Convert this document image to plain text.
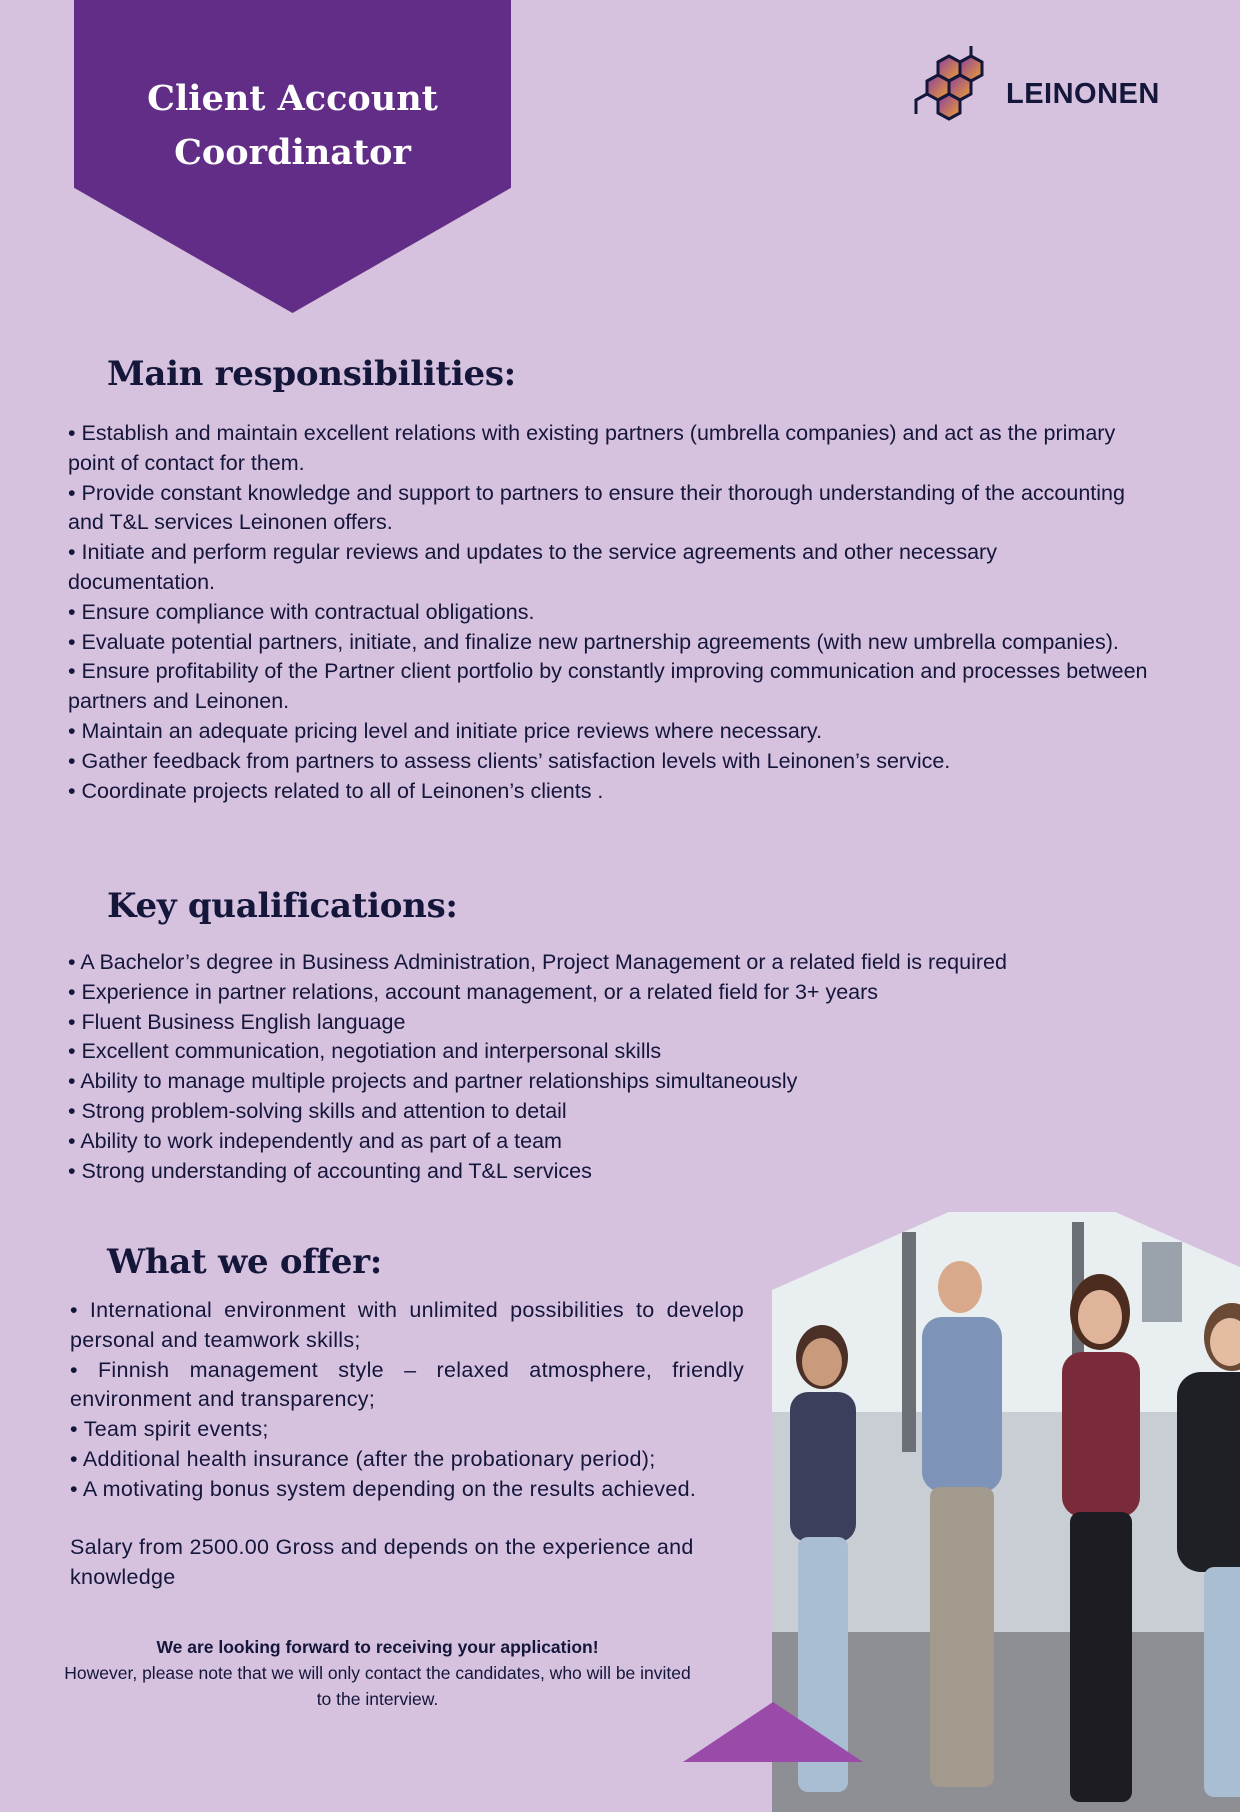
Client Account
Coordinator
LEINONEN
Main responsibilities:
• Establish and maintain excellent relations with existing partners (umbrella companies) and act as the primary point of contact for them.
• Provide constant knowledge and support to partners to ensure their thorough understanding of the accounting and T&L services Leinonen offers.
• Initiate and perform regular reviews and updates to the service agreements and other necessary documentation.
• Ensure compliance with contractual obligations.
• Evaluate potential partners, initiate, and finalize new partnership agreements (with new umbrella companies).
• Ensure profitability of the Partner client portfolio by constantly improving communication and processes between partners and Leinonen.
• Maintain an adequate pricing level and initiate price reviews where necessary.
• Gather feedback from partners to assess clients’ satisfaction levels with Leinonen’s service.
• Coordinate projects related to all of Leinonen’s clients .
Key qualifications:
• A Bachelor’s degree in Business Administration, Project Management or a related field is required
• Experience in partner relations, account management, or a related field for 3+ years
• Fluent Business English language
• Excellent communication, negotiation and interpersonal skills
• Ability to manage multiple projects and partner relationships simultaneously
• Strong problem-solving skills and attention to detail
• Ability to work independently and as part of a team
• Strong understanding of accounting and T&L services
What we offer:
• International environment with unlimited possibilities to develop personal and teamwork skills;
• Finnish management style – relaxed atmosphere, friendly environment and transparency;
• Team spirit events;
• Additional health insurance (after the probationary period);
• A motivating bonus system depending on the results achieved.

Salary from 2500.00 Gross and depends on the experience and knowledge

We are looking forward to receiving your application!
However, please note that we will only contact the candidates, who will be invited to the interview.
